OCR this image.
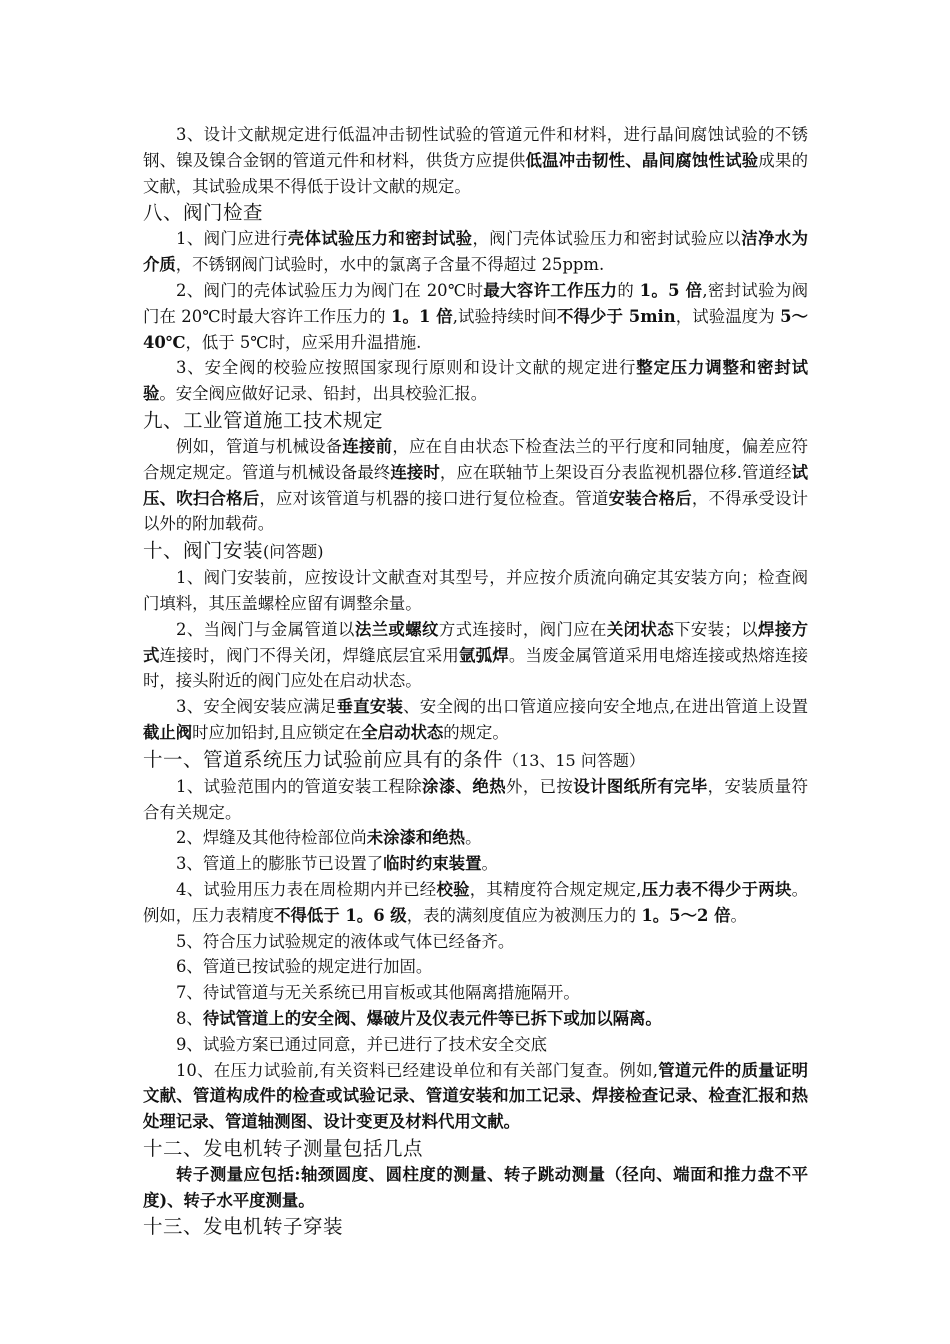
3、设计文献规定进行低温冲击韧性试验的管道元件和材料，进行晶间腐蚀试验的不锈钢、镍及镍合金钢的管道元件和材料，供货方应提供低温冲击韧性、晶间腐蚀性试验成果的文献，其试验成果不得低于设计文献的规定。

八、阀门检查

1、阀门应进行壳体试验压力和密封试验，阀门壳体试验压力和密封试验应以洁净水为介质，不锈钢阀门试验时，水中的氯离子含量不得超过 25ppm.

2、阀门的壳体试验压力为阀门在 20℃时最大容许工作压力的 1。5 倍,密封试验为阀门在 20℃时最大容许工作压力的 1。1 倍,试验持续时间不得少于 5min，试验温度为 5～40℃，低于 5℃时，应采用升温措施.

3、安全阀的校验应按照国家现行原则和设计文献的规定进行整定压力调整和密封试验。安全阀应做好记录、铅封，出具校验汇报。

九、工业管道施工技术规定

例如，管道与机械设备连接前，应在自由状态下检查法兰的平行度和同轴度，偏差应符合规定规定。管道与机械设备最终连接时，应在联轴节上架设百分表监视机器位移.管道经试压、吹扫合格后，应对该管道与机器的接口进行复位检查。管道安装合格后，不得承受设计以外的附加载荷。

十、阀门安装(问答题)

1、阀门安装前，应按设计文献查对其型号，并应按介质流向确定其安装方向；检查阀门填料，其压盖螺栓应留有调整余量。

2、当阀门与金属管道以法兰或螺纹方式连接时，阀门应在关闭状态下安装；以焊接方式连接时，阀门不得关闭，焊缝底层宜采用氩弧焊。当废金属管道采用电熔连接或热熔连接时，接头附近的阀门应处在启动状态。

3、安全阀安装应满足垂直安装、安全阀的出口管道应接向安全地点,在进出管道上设置截止阀时应加铅封,且应锁定在全启动状态的规定。

十一、管道系统压力试验前应具有的条件（13、15 问答题）

1、试验范围内的管道安装工程除涂漆、绝热外，已按设计图纸所有完毕，安装质量符合有关规定。

2、焊缝及其他待检部位尚未涂漆和绝热。

3、管道上的膨胀节已设置了临时约束装置。

4、试验用压力表在周检期内并已经校验，其精度符合规定规定,压力表不得少于两块。例如，压力表精度不得低于 1。6 级，表的满刻度值应为被测压力的 1。5～2 倍。

5、符合压力试验规定的液体或气体已经备齐。

6、管道已按试验的规定进行加固。

7、待试管道与无关系统已用盲板或其他隔离措施隔开。

8、待试管道上的安全阀、爆破片及仪表元件等已拆下或加以隔离。

9、试验方案已通过同意，并已进行了技术安全交底

10、在压力试验前,有关资料已经建设单位和有关部门复查。例如,管道元件的质量证明文献、管道构成件的检查或试验记录、管道安装和加工记录、焊接检查记录、检查汇报和热处理记录、管道轴测图、设计变更及材料代用文献。

十二、发电机转子测量包括几点

转子测量应包括:轴颈圆度、圆柱度的测量、转子跳动测量（径向、端面和推力盘不平度)、转子水平度测量。

十三、发电机转子穿装
